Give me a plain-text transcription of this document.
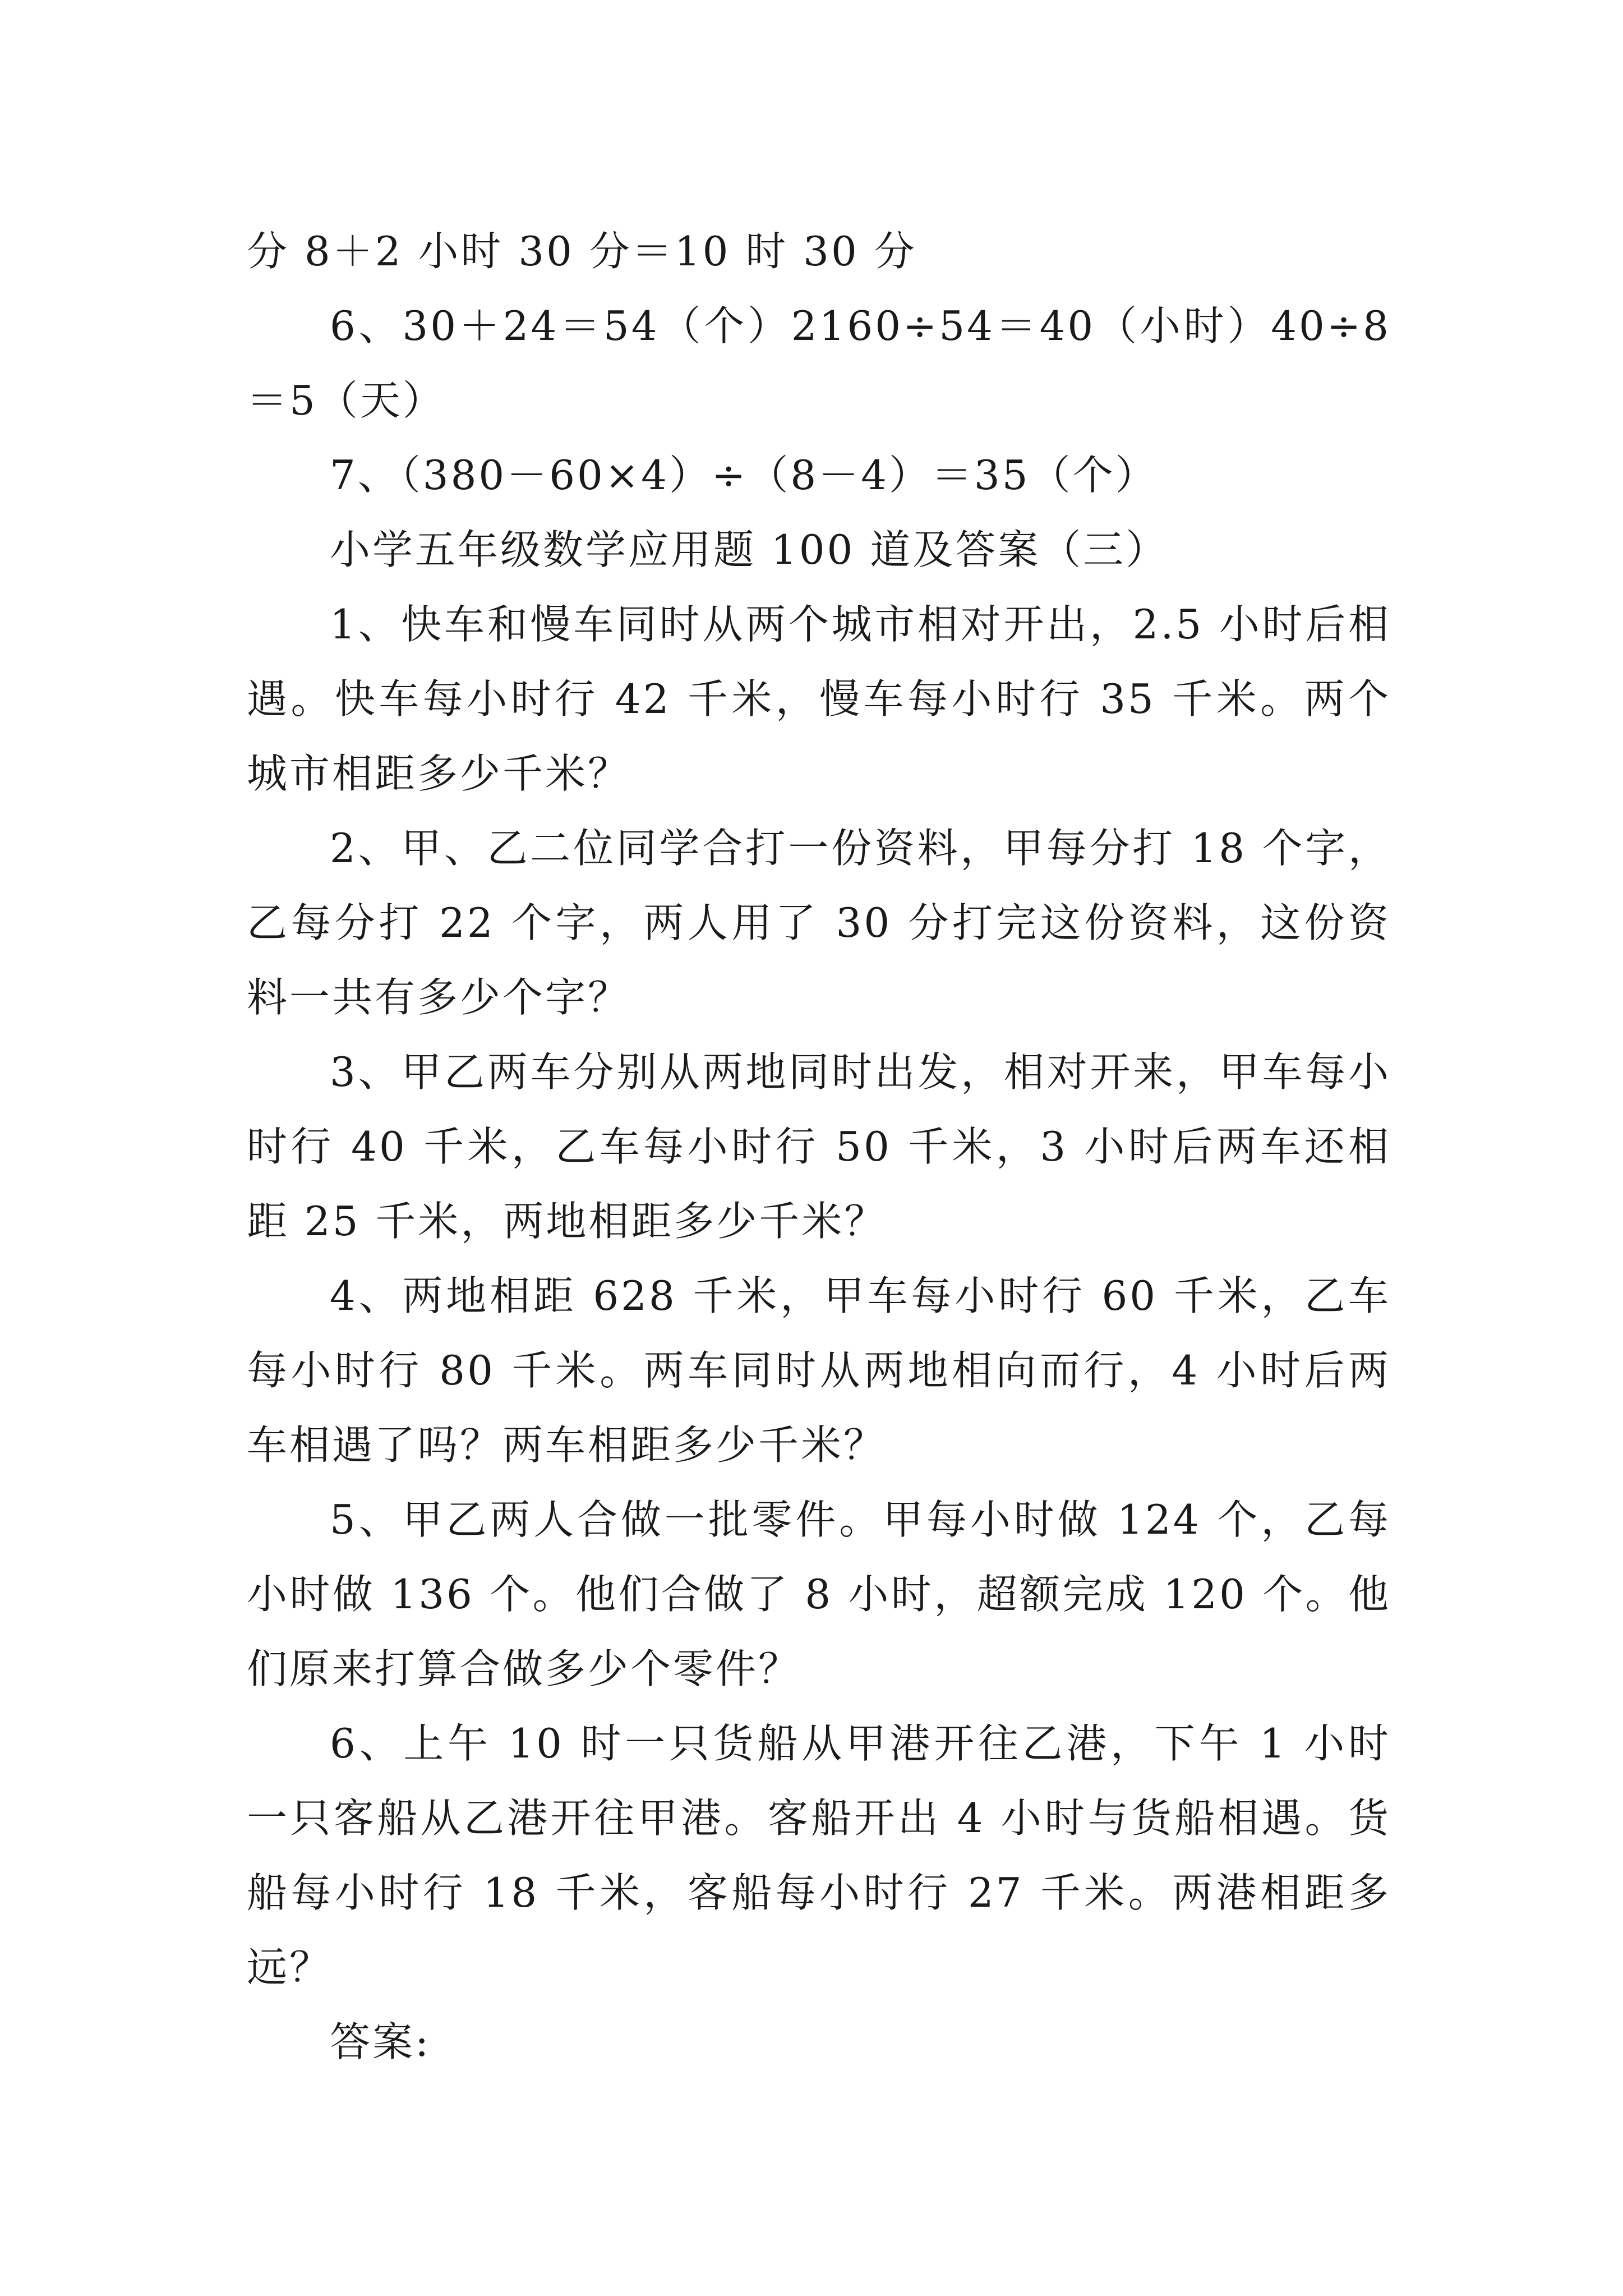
分 8＋2 小时 30 分＝10 时 30 分

6、30＋24＝54（个）2160÷54＝40（小时）40÷8＝5（天）

7、（380－60×4）÷（8－4）＝35（个）

小学五年级数学应用题 100 道及答案（三）

1、快车和慢车同时从两个城市相对开出，2.5 小时后相遇。快车每小时行 42 千米，慢车每小时行 35 千米。两个城市相距多少千米？

2、甲、乙二位同学合打一份资料，甲每分打 18 个字，乙每分打 22 个字，两人用了 30 分打完这份资料，这份资料一共有多少个字？

3、甲乙两车分别从两地同时出发，相对开来，甲车每小时行 40 千米，乙车每小时行 50 千米，3 小时后两车还相距 25 千米，两地相距多少千米？

4、两地相距 628 千米，甲车每小时行 60 千米，乙车每小时行 80 千米。两车同时从两地相向而行，4 小时后两车相遇了吗？两车相距多少千米？

5、甲乙两人合做一批零件。甲每小时做 124 个，乙每小时做 136 个。他们合做了 8 小时，超额完成 120 个。他们原来打算合做多少个零件？

6、上午 10 时一只货船从甲港开往乙港，下午 1 小时一只客船从乙港开往甲港。客船开出 4 小时与货船相遇。货船每小时行 18 千米，客船每小时行 27 千米。两港相距多远？

答案:
